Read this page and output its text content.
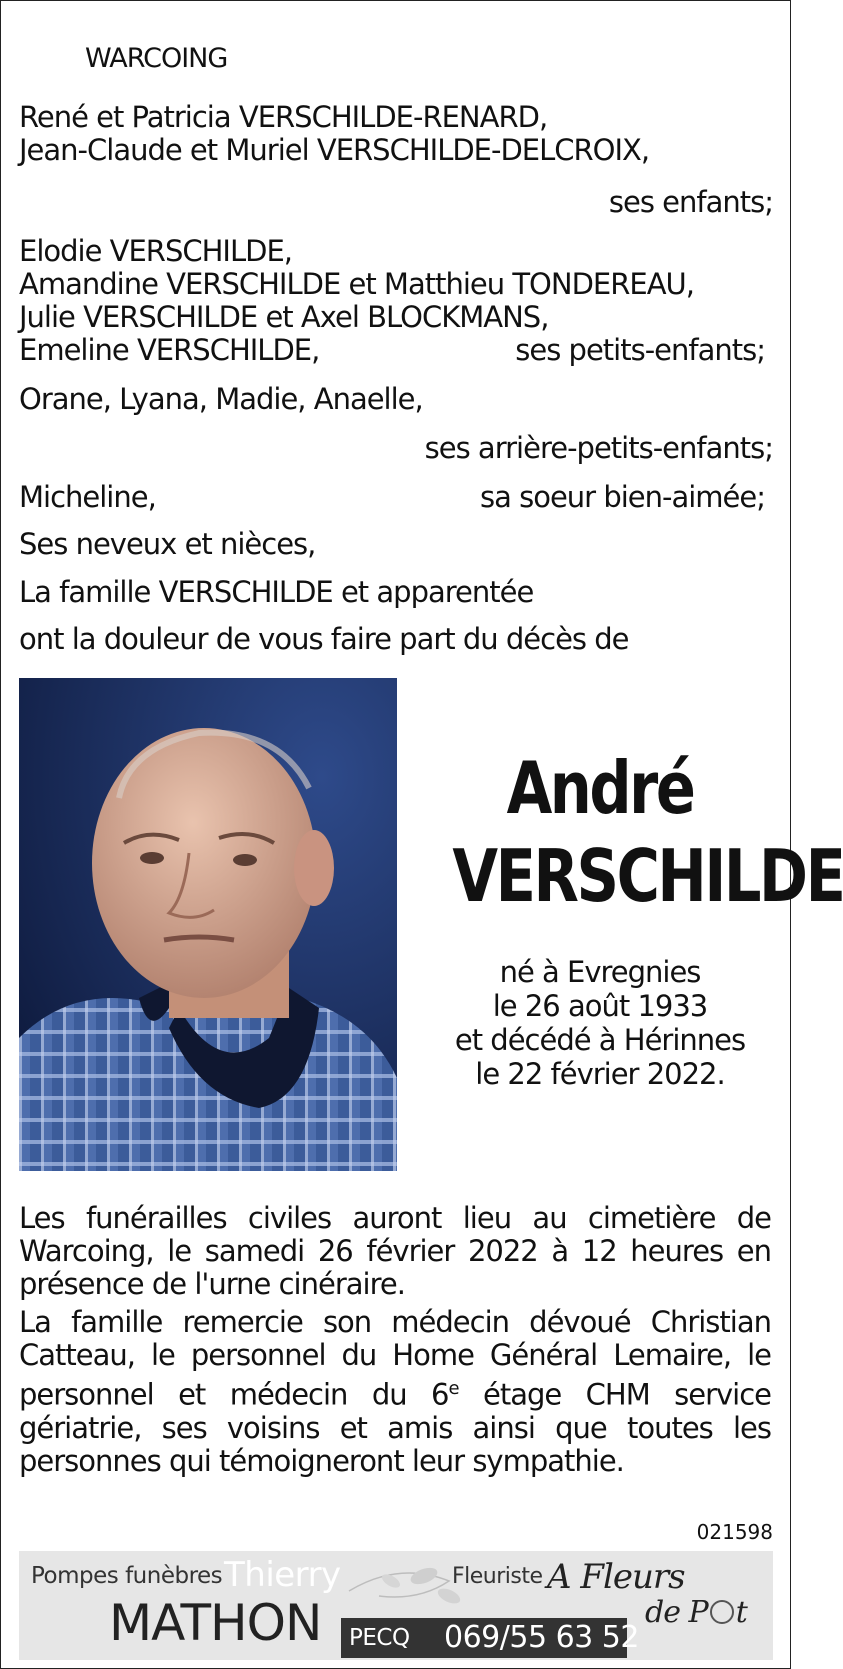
WARCOING
René et Patricia VERSCHILDE-RENARD,
Jean-Claude et Muriel VERSCHILDE-DELCROIX,
ses enfants;
Elodie VERSCHILDE,
Amandine VERSCHILDE et Matthieu TONDEREAU,
Julie VERSCHILDE et Axel BLOCKMANS,
Emeline VERSCHILDE,	ses petits-enfants;
Orane, Lyana, Madie, Anaelle,
ses arrière-petits-enfants;
Micheline,	sa soeur bien-aimée;
Ses neveux et nièces,
La famille VERSCHILDE et apparentée
ont la douleur de vous faire part du décès de
André
VERSCHILDE
né à Evregnies
le 26 août 1933
et décédé à Hérinnes
le 22 février 2022.
Les funérailles civiles auront lieu au cimetière de Warcoing, le samedi 26 février 2022 à 12 heures en présence de l'urne cinéraire.
La famille remercie son médecin dévoué Christian Catteau, le personnel du Home Général Lemaire, le personnel et médecin du 6e étage CHM service gériatrie, ses voisins et amis ainsi que toutes les personnes qui témoigneront leur sympathie.
021598
Pompes funèbres Thierry
MATHON PECQ 069/55 63 52
Fleuriste A Fleurs
de P t
